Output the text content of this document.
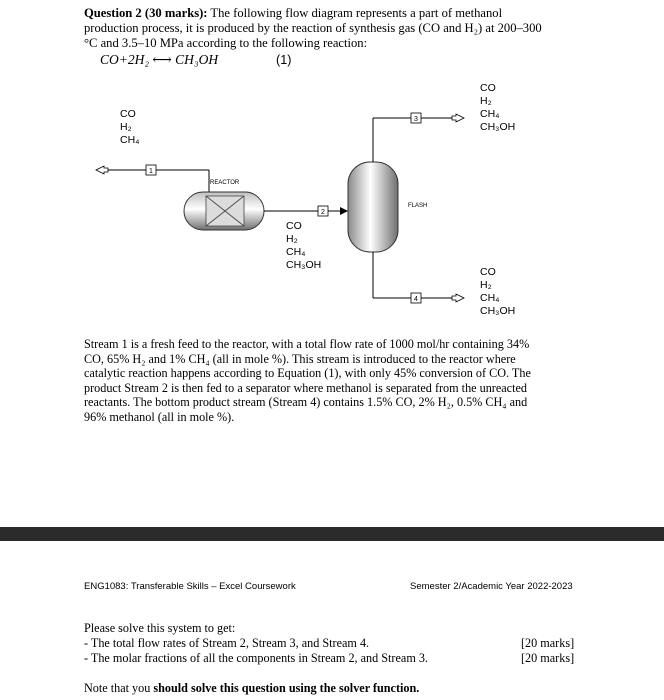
Question 2 (30 marks): The following flow diagram represents a part of methanol
production process, it is produced by the reaction of synthesis gas (CO and H₂) at 200–300
°C and 3.5–10 MPa according to the following reaction:
CO+2H₂ ⟷ CH₃OH	(1)
1
REACTOR
2
FLASH
3
4
CO
H₂
CH₄
CO
H₂
CH₄
CH₃OH
CO
H₂
CH₄
CH₃OH
CO
H₂
CH₄
CH₃OH
Stream 1 is a fresh feed to the reactor, with a total flow rate of 1000 mol/hr containing 34%
CO, 65% H₂ and 1% CH₄ (all in mole %). This stream is introduced to the reactor where
catalytic reaction happens according to Equation (1), with only 45% conversion of CO. The
product Stream 2 is then fed to a separator where methanol is separated from the unreacted
reactants. The bottom product stream (Stream 4) contains 1.5% CO, 2% H₂, 0.5% CH₄ and
96% methanol (all in mole %).
ENG1083: Transferable Skills – Excel Coursework	Semester 2/Academic Year 2022-2023
Please solve this system to get:
- The total flow rates of Stream 2, Stream 3, and Stream 4.	[20 marks]
- The molar fractions of all the components in Stream 2, and Stream 3.	[20 marks]
Note that you should solve this question using the solver function.
